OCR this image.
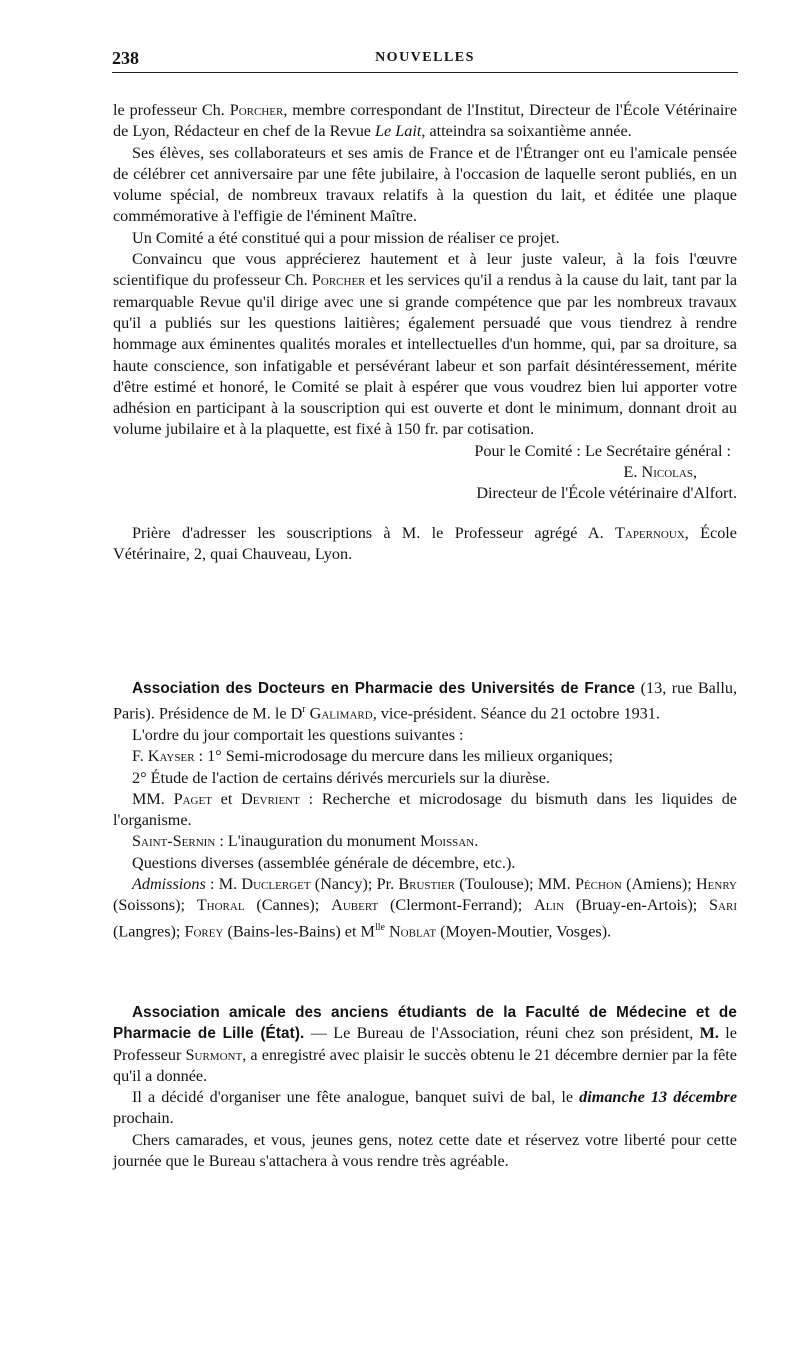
238	NOUVELLES

le professeur Ch. Porcher, membre correspondant de l'Institut, Directeur de l'École Vétérinaire de Lyon, Rédacteur en chef de la Revue Le Lait, atteindra sa soixantième année.

Ses élèves, ses collaborateurs et ses amis de France et de l'Étranger ont eu l'amicale pensée de célébrer cet anniversaire par une fête jubilaire, à l'occasion de laquelle seront publiés, en un volume spécial, de nombreux travaux relatifs à la question du lait, et éditée une plaque commémorative à l'effigie de l'éminent Maître.

Un Comité a été constitué qui a pour mission de réaliser ce projet.

Convaincu que vous apprécierez hautement et à leur juste valeur, à la fois l'œuvre scientifique du professeur Ch. Porcher et les services qu'il a rendus à la cause du lait, tant par la remarquable Revue qu'il dirige avec une si grande compétence que par les nombreux travaux qu'il a publiés sur les questions laitières; également persuadé que vous tiendrez à rendre hommage aux éminentes qualités morales et intellectuelles d'un homme, qui, par sa droiture, sa haute conscience, son infatigable et persévérant labeur et son parfait désintéressement, mérite d'être estimé et honoré, le Comité se plait à espérer que vous voudrez bien lui apporter votre adhésion en participant à la souscription qui est ouverte et dont le minimum, donnant droit au volume jubilaire et à la plaquette, est fixé à 150 fr. par cotisation.

Pour le Comité : Le Secrétaire général :

E. Nicolas,

Directeur de l'École vétérinaire d'Alfort.

Prière d'adresser les souscriptions à M. le Professeur agrégé A. Tapernoux, École Vétérinaire, 2, quai Chauveau, Lyon.

Association des Docteurs en Pharmacie des Universités de France (13, rue Ballu, Paris). Présidence de M. le $D^r$ Galimard, vice-président. Séance du 21 octobre 1931.

L'ordre du jour comportait les questions suivantes :

F. Kayser : 1° Semi-microdosage du mercure dans les milieux organiques;

2° Étude de l'action de certains dérivés mercuriels sur la diurèse.

MM. Paget et Devrient : Recherche et microdosage du bismuth dans les liquides de l'organisme.

Saint-Sernin : L'inauguration du monument Moissan.

Questions diverses (assemblée générale de décembre, etc.).

Admissions : M. Duclerget (Nancy); Pr. Brustier (Toulouse); MM. Péchon (Amiens); Henry (Soissons); Thoral (Cannes); Aubert (Clermont-Ferrand); Alin (Bruay-en-Artois); Sari (Langres); Forey (Bains-les-Bains) et $M^{lle}$ Noblat (Moyen-Moutier, Vosges).

Association amicale des anciens étudiants de la Faculté de Médecine et de Pharmacie de Lille (État). — Le Bureau de l'Association, réuni chez son président, M. le Professeur Surmont, a enregistré avec plaisir le succès obtenu le 21 décembre dernier par la fête qu'il a donnée.

Il a décidé d'organiser une fête analogue, banquet suivi de bal, le dimanche 13 décembre prochain.

Chers camarades, et vous, jeunes gens, notez cette date et réservez votre liberté pour cette journée que le Bureau s'attachera à vous rendre très agréable.
